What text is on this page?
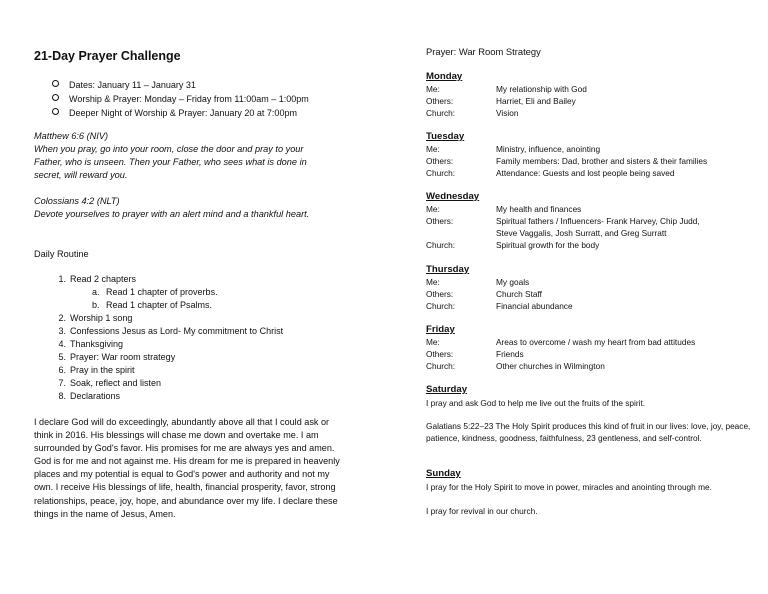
21-Day Prayer Challenge
Dates: January 11 – January 31
Worship & Prayer: Monday – Friday from 11:00am – 1:00pm
Deeper Night of Worship & Prayer: January 20 at 7:00pm
Matthew 6:6 (NIV)
When you pray, go into your room, close the door and pray to your Father, who is unseen. Then your Father, who sees what is done in secret, will reward you.
Colossians 4:2 (NLT)
Devote yourselves to prayer with an alert mind and a thankful heart.
Daily Routine
1. Read 2 chapters
a. Read 1 chapter of proverbs.
b. Read 1 chapter of Psalms.
2. Worship 1 song
3. Confessions Jesus as Lord- My commitment to Christ
4. Thanksgiving
5. Prayer: War room strategy
6. Pray in the spirit
7. Soak, reflect and listen
8. Declarations
I declare God will do exceedingly, abundantly above all that I could ask or think in 2016. His blessings will chase me down and overtake me. I am surrounded by God's favor. His promises for me are always yes and amen. God is for me and not against me. His dream for me is prepared in heavenly places and my potential is equal to God's power and authority and not my own. I receive His blessings of life, health, financial prosperity, favor, strong relationships, peace, joy, hope, and abundance over my life. I declare these things in the name of Jesus, Amen.
Prayer: War Room Strategy
Monday
Me:	My relationship with God
Others:	Harriet, Eli and Bailey
Church:	Vision
Tuesday
Me:	Ministry, influence, anointing
Others:	Family members: Dad, brother and sisters & their families
Church:	Attendance: Guests and lost people being saved
Wednesday
Me:	My health and finances
Others:	Spiritual fathers / Influencers- Frank Harvey, Chip Judd,
Steve Vaggalis, Josh Surratt, and Greg Surratt
Church:	Spiritual growth for the body
Thursday
Me:	My goals
Others:	Church Staff
Church:	Financial abundance
Friday
Me:	Areas to overcome / wash my heart from bad attitudes
Others:	Friends
Church:	Other churches in Wilmington
Saturday
I pray and ask God to help me live out the fruits of the spirit.
Galatians 5:22–23 The Holy Spirit produces this kind of fruit in our lives: love, joy, peace, patience, kindness, goodness, faithfulness, 23 gentleness, and self-control.
Sunday
I pray for the Holy Spirit to move in power, miracles and anointing through me.
I pray for revival in our church.
